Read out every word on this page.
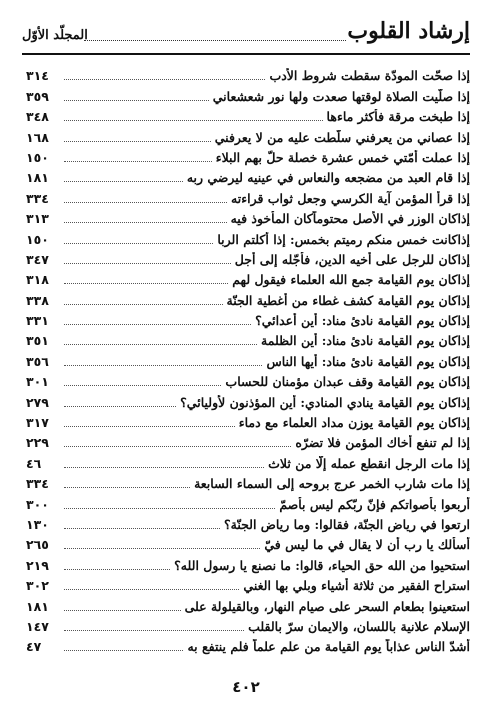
إرشاد القلوب
المجلّد الأوّل
إذا صحّت المودّة سقطت شروط الأدب
٣١٤
إذا صلّيت الصلاة لوقتها صعدت ولها نور شعشعاني
٣٥٩
إذا طبخت مرقة فأكثر ماءها
٣٤٨
إذا عصاني من يعرفني سلّطت عليه من لا يعرفني
١٦٨
إذا عملت أمّتي خمس عشرة خصلة حلّ بهم البلاء
١٥٠
إذا قام العبد من مضجعه والنعاس في عينيه ليرضي ربه
١٨١
إذا قرأ المؤمن آية الكرسي وجعل ثواب قراءته
٣٣٤
إذاكان الوزر في الأصل محتوماًكان المأخوذ فيه
٣١٣
إذاكانت خمس منكم رميتم بخمس: إذا أكلتم الربا
١٥٠
إذاكان للرجل على أخيه الدين، فأجّله إلى أجل
٣٤٧
إذاكان يوم القيامة جمع الله العلماء فيقول لهم
٣١٨
إذاكان يوم القيامة كشف غطاء من أغطية الجنّة
٣٣٨
إذاكان يوم القيامة نادئ مناد: أين أعدائي؟
٣٣١
إذاكان يوم القيامة نادئ مناد: أين الظلمة
٣٥١
إذاكان يوم القيامة نادئ مناد: أيها الناس
٣٥٦
إذاكان يوم القيامة وقف عبدان مؤمنان للحساب
٣٠١
إذاكان يوم القيامة ينادي المنادي: أين المؤذنون لأوليائي؟
٢٧٩
إذاكان يوم القيامة يوزن مداد العلماء مع دماء
٣١٧
إذا لم تنفع أخاك المؤمن فلا تضرّه
٢٢٩
إذا مات الرجل انقطع عمله إلّا من ثلاث
٤٦
إذا مات شارب الخمر عرج بروحه إلى السماء السابعة
٣٣٤
أربعوا بأصواتكم فإنّ ربّكم ليس بأصمّ
٣٠٠
ارتعوا في رياض الجنّة، فقالوا: وما رياض الجنّة؟
١٣٠
أسألك يا رب أن لا يقال في ما ليس فيّ
٢٦٥
استحيوا من الله حق الحياء، قالوا: ما نصنع يا رسول الله؟
٢١٩
استراح الفقير من ثلاثة أشياء وبلي بها الغني
٣٠٢
استعينوا بطعام السحر على صيام النهار، وبالقيلولة على
١٨١
الإسلام علانية باللسان، والايمان سرّ بالقلب
١٤٧
أشدّ الناس عذاباً يوم القيامة من علم علماً فلم ينتفع به
٤٧
٤٠٢
